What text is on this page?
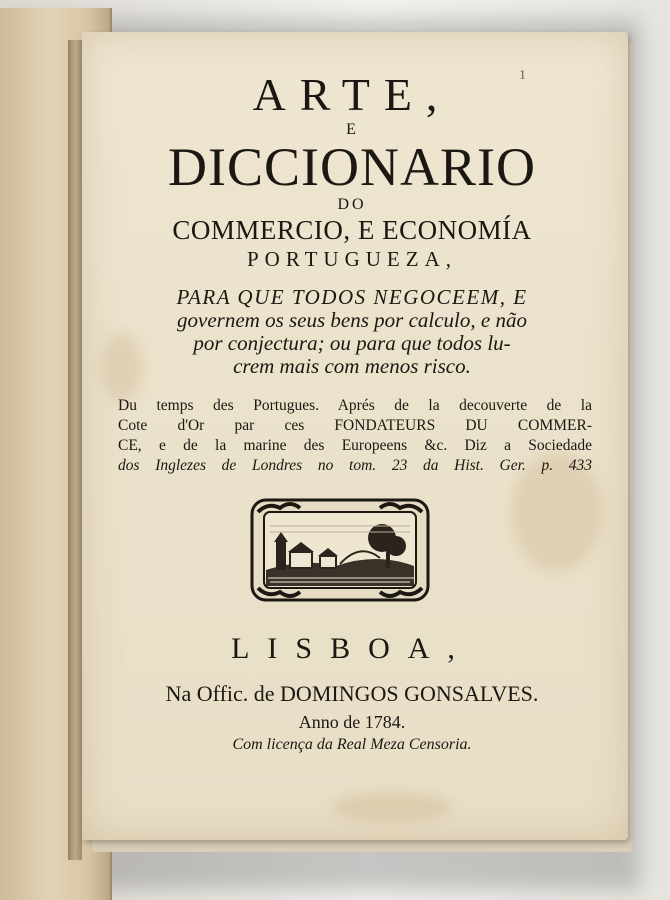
1
ARTE,
E
DICCIONARIO
DO
COMMERCIO, E ECONOMÍA
PORTUGUEZA,
PARA QUE TODOS NEGOCEEM, E
governem os seus bens por calculo, e não
por conjectura; ou para que todos lu-
crem mais com menos risco.
Du temps des Portugues. Aprés de la decouverte de la
Cote d'Or par ces FONDATEURS DU COMMER-
CE, e de la marine des Europeens &c. Diz a Sociedade
dos Inglezes de Londres no tom. 23 da Hist. Ger. p. 433
LISBOA,
Na Offic. de DOMINGOS GONSALVES.
Anno de 1784.
Com licença da Real Meza Censoria.
